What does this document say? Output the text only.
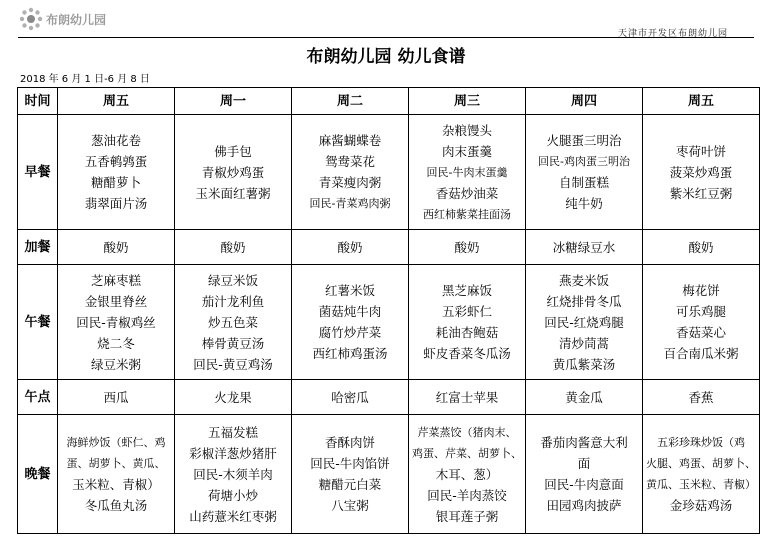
布朗幼儿园
天津市开发区布朗幼儿园
布朗幼儿园 幼儿食谱
2018 年 6 月 1 日-6 月 8 日
时间	周五	周一	周二	周三	周四	周五
早餐	葱油花卷
五香鹌鹑蛋
糖醋萝卜
翡翠面片汤	佛手包
青椒炒鸡蛋
玉米面红薯粥	麻酱蝴蝶卷
鸳鸯菜花
青菜瘦肉粥
回民-青菜鸡肉粥	杂粮馒头
肉末蛋羹
回民-牛肉末蛋羹
香菇炒油菜
西红柿紫菜挂面汤	火腿蛋三明治
回民-鸡肉蛋三明治
自制蛋糕
纯牛奶	枣荷叶饼
菠菜炒鸡蛋
紫米红豆粥

加餐	酸奶	酸奶	酸奶	酸奶	冰糖绿豆水	酸奶

午餐	芝麻枣糕
金银里脊丝
回民-青椒鸡丝
烧二冬
绿豆米粥	绿豆米饭
茄汁龙利鱼
炒五色菜
棒骨黄豆汤
回民-黄豆鸡汤	红薯米饭
菌菇炖牛肉
腐竹炒芹菜
西红柿鸡蛋汤	黑芝麻饭
五彩虾仁
耗油杏鲍菇
虾皮香菜冬瓜汤	燕麦米饭
红烧排骨冬瓜
回民-红烧鸡腿
清炒茼蒿
黄瓜紫菜汤	梅花饼
可乐鸡腿
香菇菜心
百合南瓜米粥

午点	西瓜	火龙果	哈密瓜	红富士苹果	黄金瓜	香蕉

晚餐	海鲜炒饭（虾仁、鸡
蛋、胡萝卜、黄瓜、
玉米粒、青椒）
冬瓜鱼丸汤	五福发糕
彩椒洋葱炒猪肝
回民-木须羊肉
荷塘小炒
山药薏米红枣粥	香酥肉饼
回民-牛肉馅饼
糖醋元白菜
八宝粥	芹菜蒸饺（猪肉末、
鸡蛋、芹菜、胡萝卜、
木耳、葱）
回民-羊肉蒸饺
银耳莲子粥	番茄肉酱意大利
面
回民-牛肉意面
田园鸡肉披萨	五彩珍珠炒饭（鸡
火腿、鸡蛋、胡萝卜、
黄瓜、玉米粒、青椒）
金珍菇鸡汤
